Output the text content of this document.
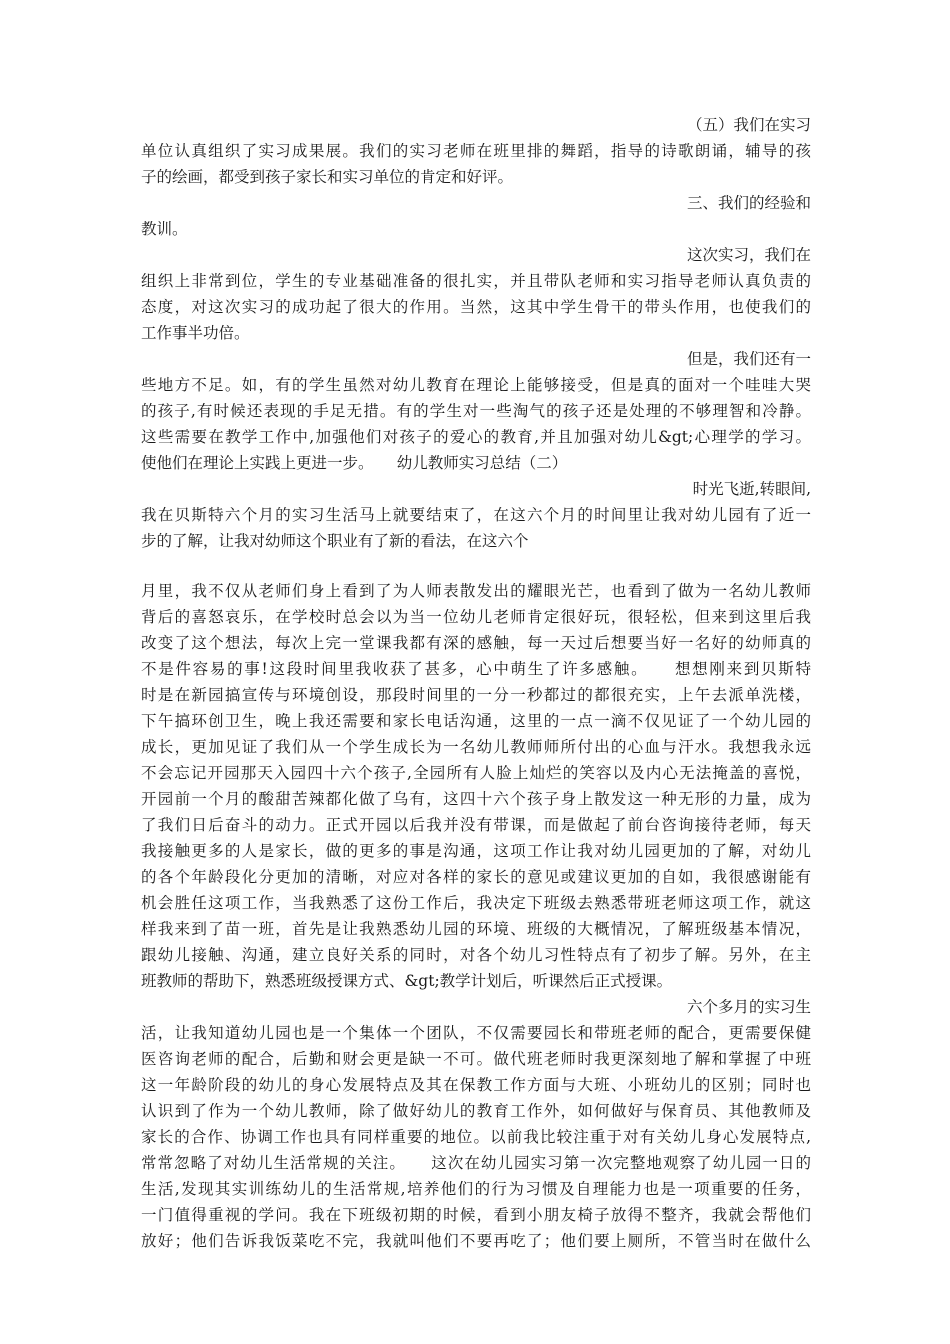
（五）我们在实习
单位认真组织了实习成果展。我们的实习老师在班里排的舞蹈，指导的诗歌朗诵，辅导的孩
子的绘画，都受到孩子家长和实习单位的肯定和好评。
三、我们的经验和
教训。
这次实习，我们在
组织上非常到位，学生的专业基础准备的很扎实，并且带队老师和实习指导老师认真负责的
态度，对这次实习的成功起了很大的作用。当然，这其中学生骨干的带头作用，也使我们的
工作事半功倍。
但是，我们还有一
些地方不足。如，有的学生虽然对幼儿教育在理论上能够接受，但是真的面对一个哇哇大哭
的孩子,有时候还表现的手足无措。有的学生对一些淘气的孩子还是处理的不够理智和冷静。
这些需要在教学工作中,加强他们对孩子的爱心的教育,并且加强对幼儿&gt;心理学的学习。
使他们在理论上实践上更进一步。　　幼儿教师实习总结（二）
时光飞逝,转眼间,
我在贝斯特六个月的实习生活马上就要结束了，在这六个月的时间里让我对幼儿园有了近一
步的了解，让我对幼师这个职业有了新的看法，在这六个
月里，我不仅从老师们身上看到了为人师表散发出的耀眼光芒，也看到了做为一名幼儿教师
背后的喜怒哀乐，在学校时总会以为当一位幼儿老师肯定很好玩，很轻松，但来到这里后我
改变了这个想法，每次上完一堂课我都有深的感触，每一天过后想要当好一名好的幼师真的
不是件容易的事!这段时间里我收获了甚多，心中萌生了许多感触。　　想想刚来到贝斯特
时是在新园搞宣传与环境创设，那段时间里的一分一秒都过的都很充实，上午去派单洗楼，
下午搞环创卫生，晚上我还需要和家长电话沟通，这里的一点一滴不仅见证了一个幼儿园的
成长，更加见证了我们从一个学生成长为一名幼儿教师师所付出的心血与汗水。我想我永远
不会忘记开园那天入园四十六个孩子,全园所有人脸上灿烂的笑容以及内心无法掩盖的喜悦，
开园前一个月的酸甜苦辣都化做了乌有，这四十六个孩子身上散发这一种无形的力量，成为
了我们日后奋斗的动力。正式开园以后我并没有带课，而是做起了前台咨询接待老师，每天
我接触更多的人是家长，做的更多的事是沟通，这项工作让我对幼儿园更加的了解，对幼儿
的各个年龄段化分更加的清晰，对应对各样的家长的意见或建议更加的自如，我很感谢能有
机会胜任这项工作，当我熟悉了这份工作后，我决定下班级去熟悉带班老师这项工作，就这
样我来到了苗一班，首先是让我熟悉幼儿园的环境、班级的大概情况，了解班级基本情况，
跟幼儿接触、沟通，建立良好关系的同时，对各个幼儿习性特点有了初步了解。另外，在主
班教师的帮助下，熟悉班级授课方式、&gt;教学计划后，听课然后正式授课。
六个多月的实习生
活，让我知道幼儿园也是一个集体一个团队，不仅需要园长和带班老师的配合，更需要保健
医咨询老师的配合，后勤和财会更是缺一不可。做代班老师时我更深刻地了解和掌握了中班
这一年龄阶段的幼儿的身心发展特点及其在保教工作方面与大班、小班幼儿的区别；同时也
认识到了作为一个幼儿教师，除了做好幼儿的教育工作外，如何做好与保育员、其他教师及
家长的合作、协调工作也具有同样重要的地位。以前我比较注重于对有关幼儿身心发展特点,
常常忽略了对幼儿生活常规的关注。　　这次在幼儿园实习第一次完整地观察了幼儿园一日的
生活,发现其实训练幼儿的生活常规,培养他们的行为习惯及自理能力也是一项重要的任务，
一门值得重视的学问。我在下班级初期的时候，看到小朋友椅子放得不整齐，我就会帮他们
放好；他们告诉我饭菜吃不完，我就叫他们不要再吃了；他们要上厕所，不管当时在做什么
